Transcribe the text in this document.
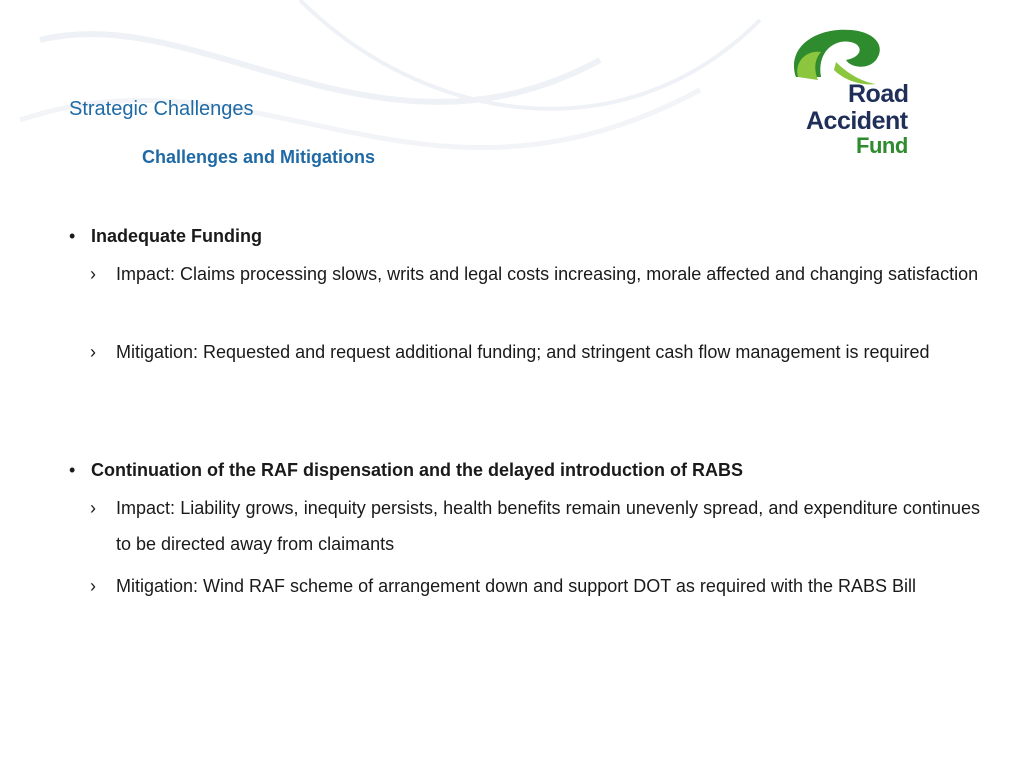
Road
Accident
Fund
Strategic Challenges
Challenges and Mitigations

• Inadequate Funding

›	Impact: Claims processing slows, writs and legal costs increasing, morale affected and changing satisfaction
›	Mitigation: Requested and request additional funding; and stringent cash flow management is required

• Continuation of the RAF dispensation and the delayed introduction of RABS

›	Impact: Liability grows, inequity persists, health benefits remain unevenly spread, and expenditure continues to be directed away from claimants
›	Mitigation: Wind RAF scheme of arrangement down and support DOT as required with the RABS Bill
